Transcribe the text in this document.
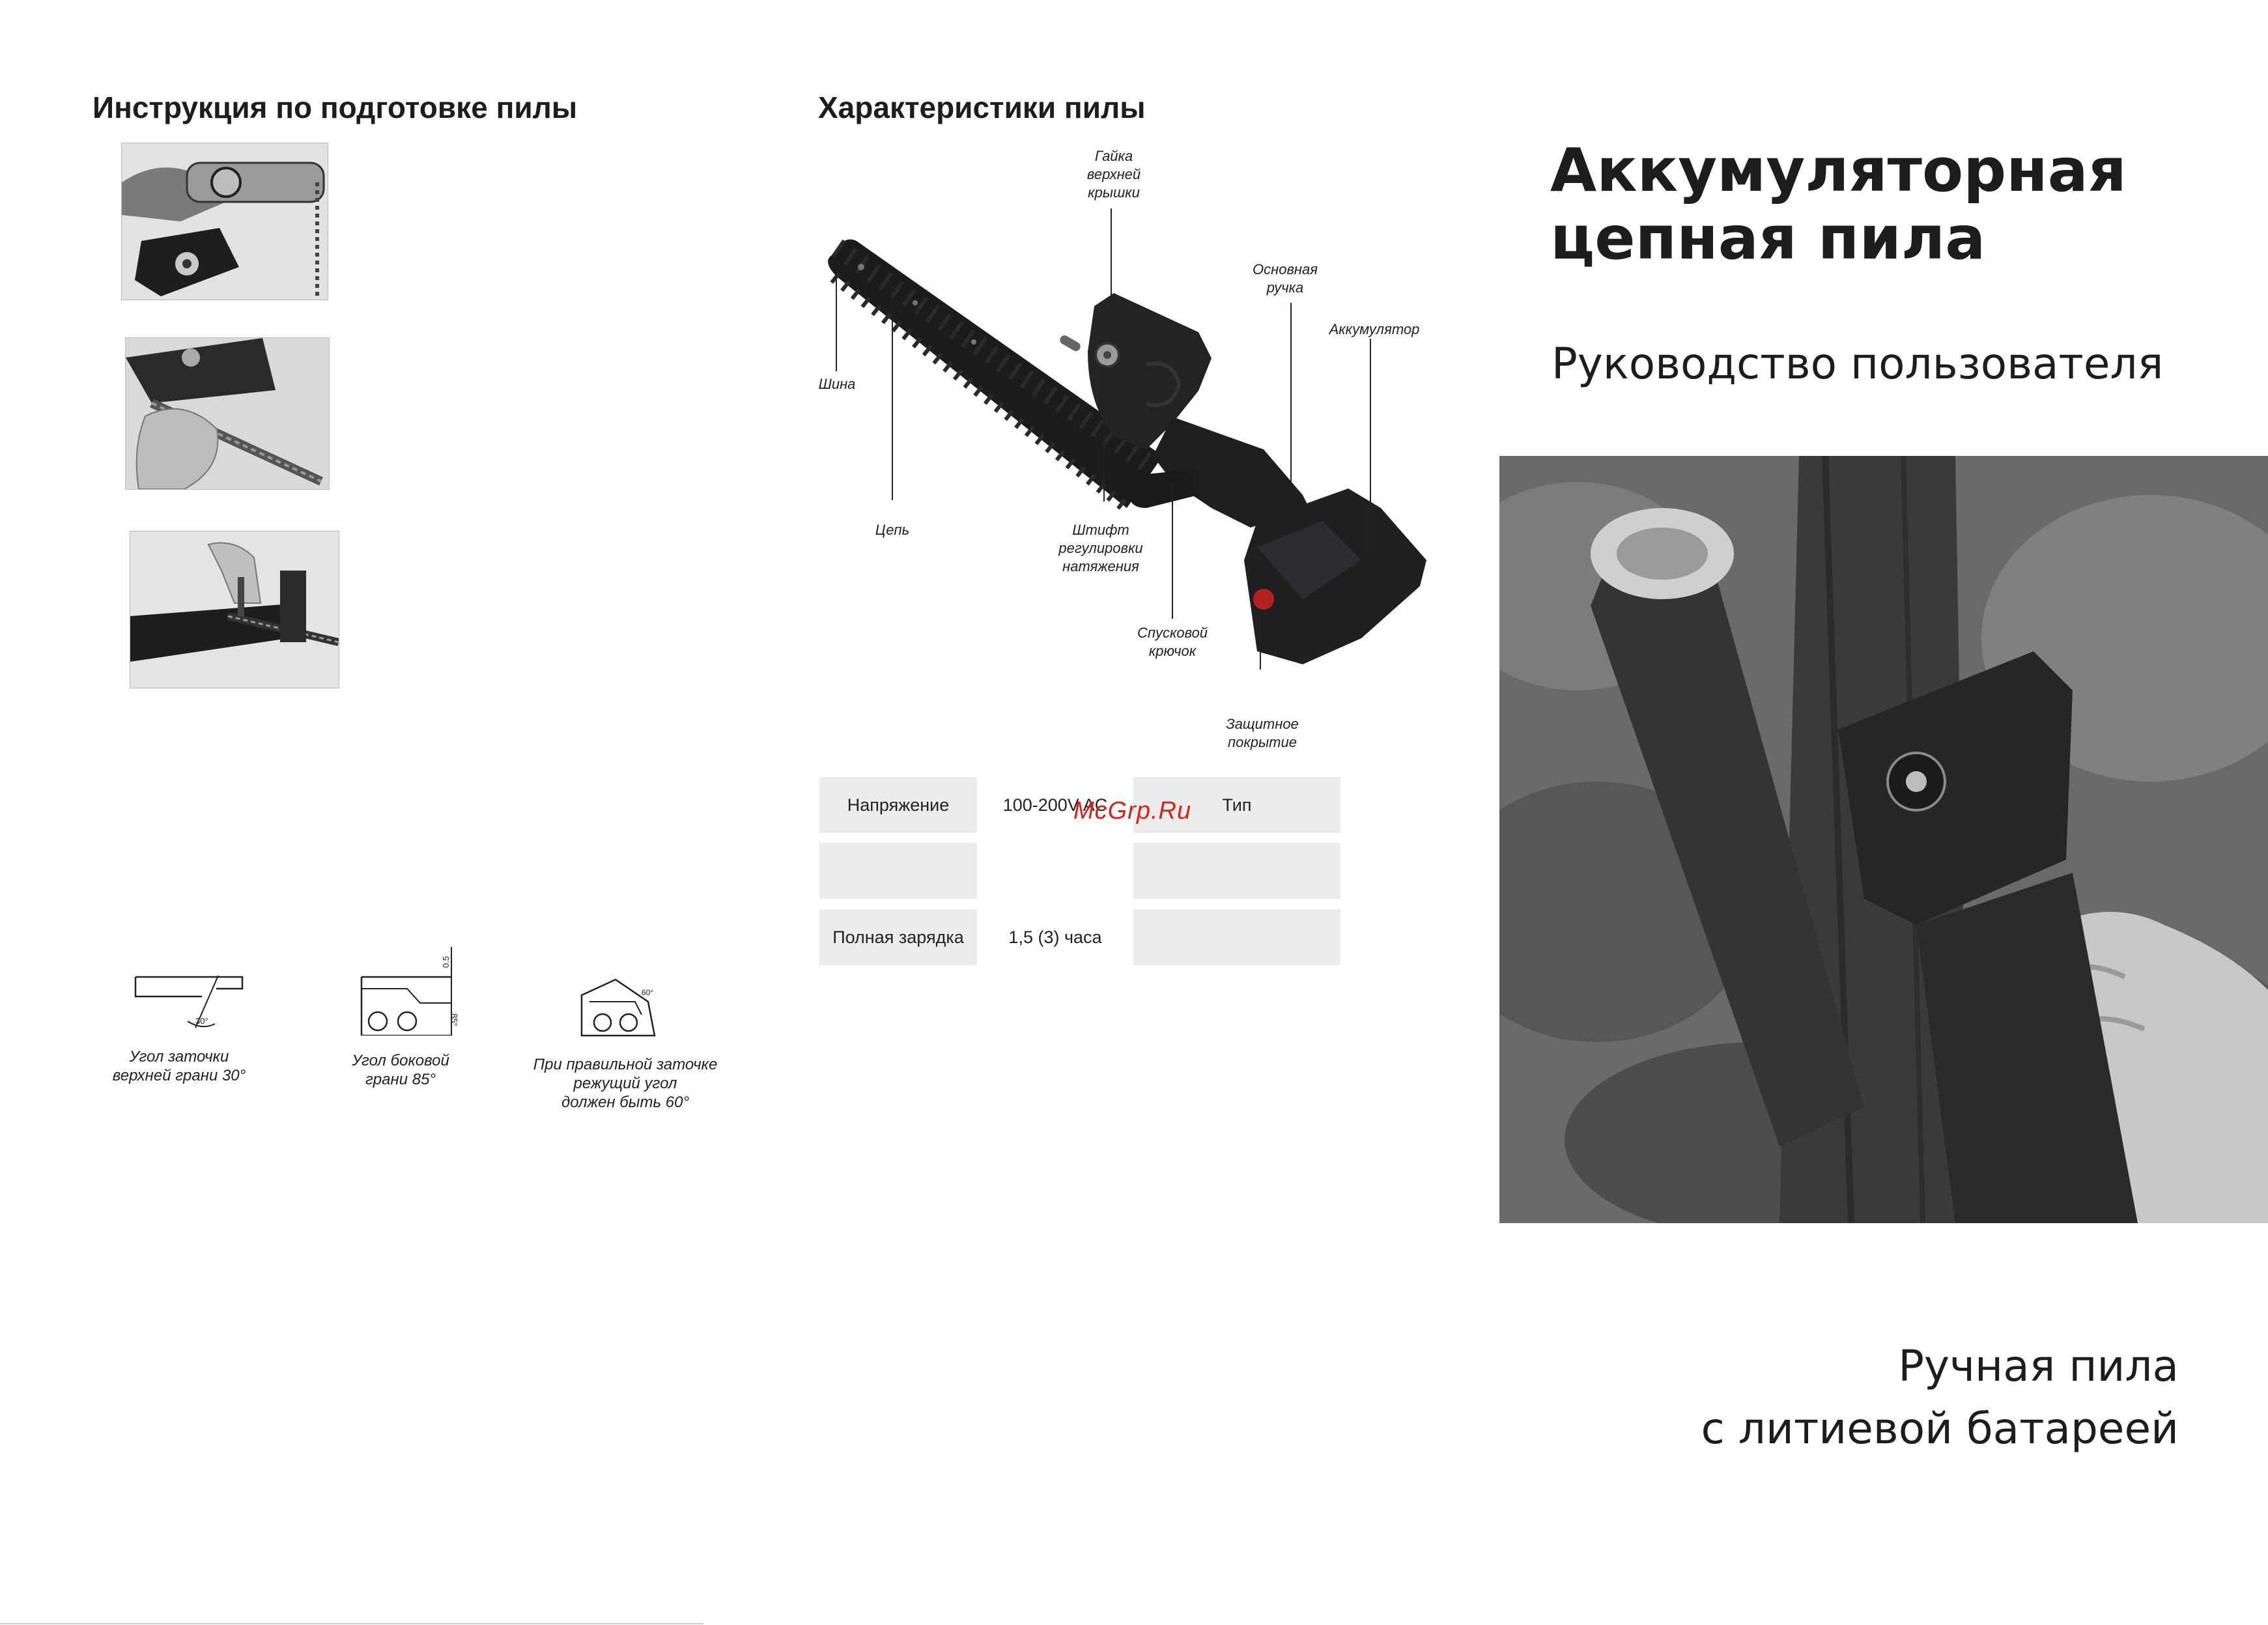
Инструкция по подготовке пилы
30°
Угол заточки
верхней грани 30°
0.5
85°
Угол боковой
грани 85°
60°
При правильной заточке
режущий угол
должен быть 60°
Характеристики пилы
Гайка
верхней
крышки
Основная
ручка
Аккумулятор
Шина
Цепь	Штифт
регулировки
натяжения
Спусковой
крючок
Защитное
покрытие
Напряжение	100-200V AC	Тип
Полная зарядка	1,5 (3) часа
McGrp.Ru
Аккумуляторная
цепная пила
Руководство пользователя
Ручная пила
с литиевой батареей
